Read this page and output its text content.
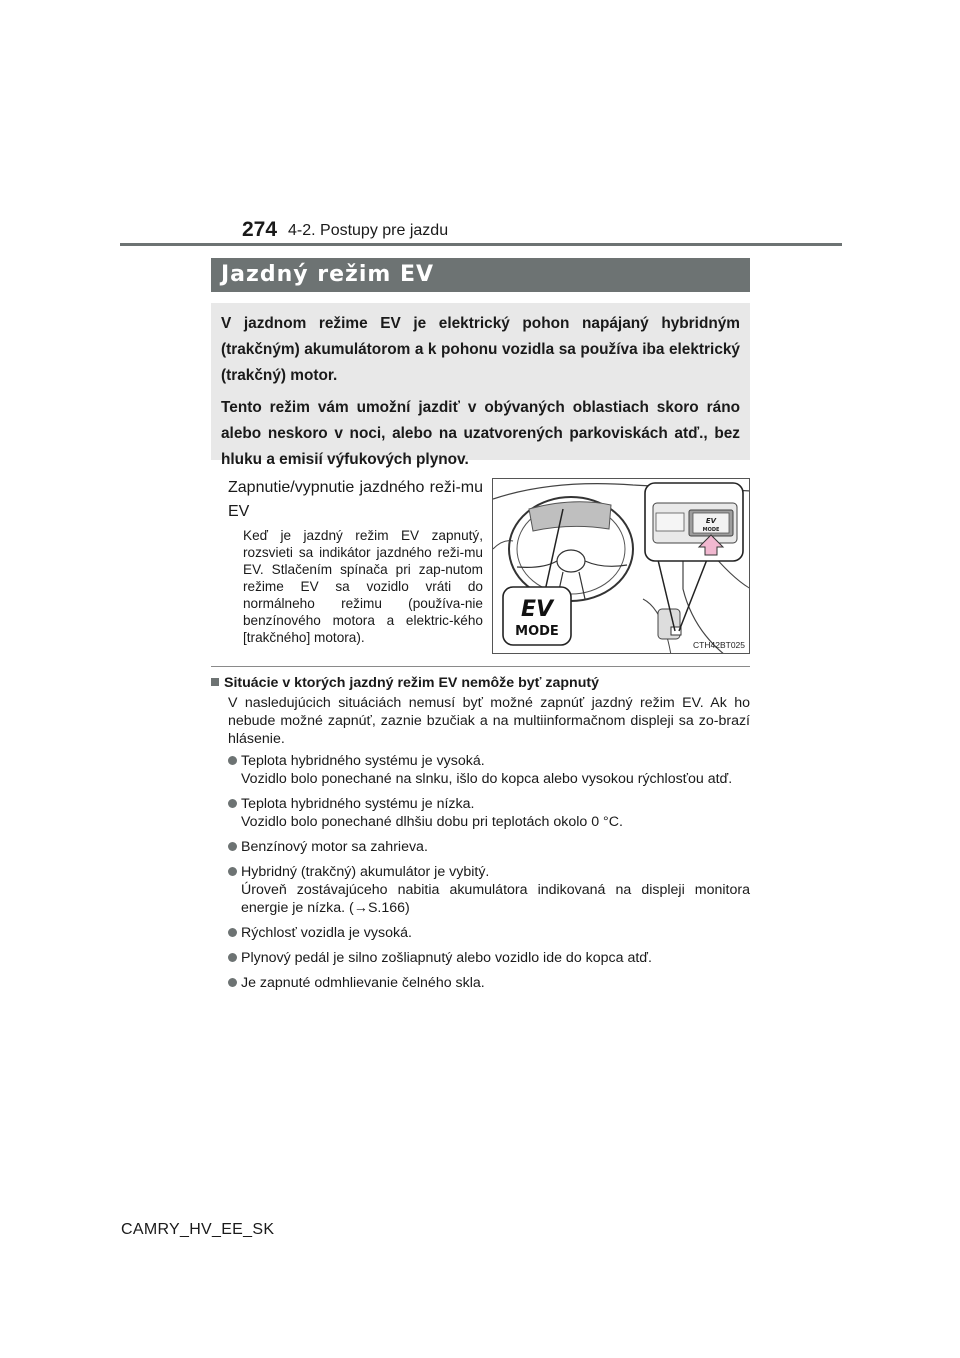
274 4-2. Postupy pre jazdu
Jazdný režim EV

V jazdnom režime EV je elektrický pohon napájaný hybridným (trakčným) akumulátorom a k pohonu vozidla sa používa iba elektrický (trakčný) motor.

Tento režim vám umožní jazdiť v obývaných oblastiach skoro ráno alebo neskoro v noci, alebo na uzatvorených parkoviskách atď., bez hluku a emisií výfukových plynov.

Zapnutie/vypnutie jazdného reži-mu EV
Keď je jazdný režim EV zapnutý, rozsvieti sa indikátor jazdného reži-mu EV. Stlačením spínača pri zap-nutom režime EV sa vozidlo vráti do normálneho režimu (používa-nie benzínového motora a elektric-kého [trakčného] motora).
EV
MODE
EV
MODE
CTH42BT025
Situácie v ktorých jazdný režim EV nemôže byť zapnutý
V nasledujúcich situáciách nemusí byť možné zapnúť jazdný režim EV. Ak ho nebude možné zapnúť, zaznie bzučiak a na multiinformačnom displeji sa zo-brazí hlásenie.
Teplota hybridného systému je vysoká.
Vozidlo bolo ponechané na slnku, išlo do kopca alebo vysokou rýchlosťou atď.
Teplota hybridného systému je nízka.
Vozidlo bolo ponechané dlhšiu dobu pri teplotách okolo 0 °C.
Benzínový motor sa zahrieva.
Hybridný (trakčný) akumulátor je vybitý.
Úroveň zostávajúceho nabitia akumulátora indikovaná na displeji monitora energie je nízka. (→S.166)
Rýchlosť vozidla je vysoká.
Plynový pedál je silno zošliapnutý alebo vozidlo ide do kopca atď.
Je zapnuté odmhlievanie čelného skla.
CAMRY_HV_EE_SK
